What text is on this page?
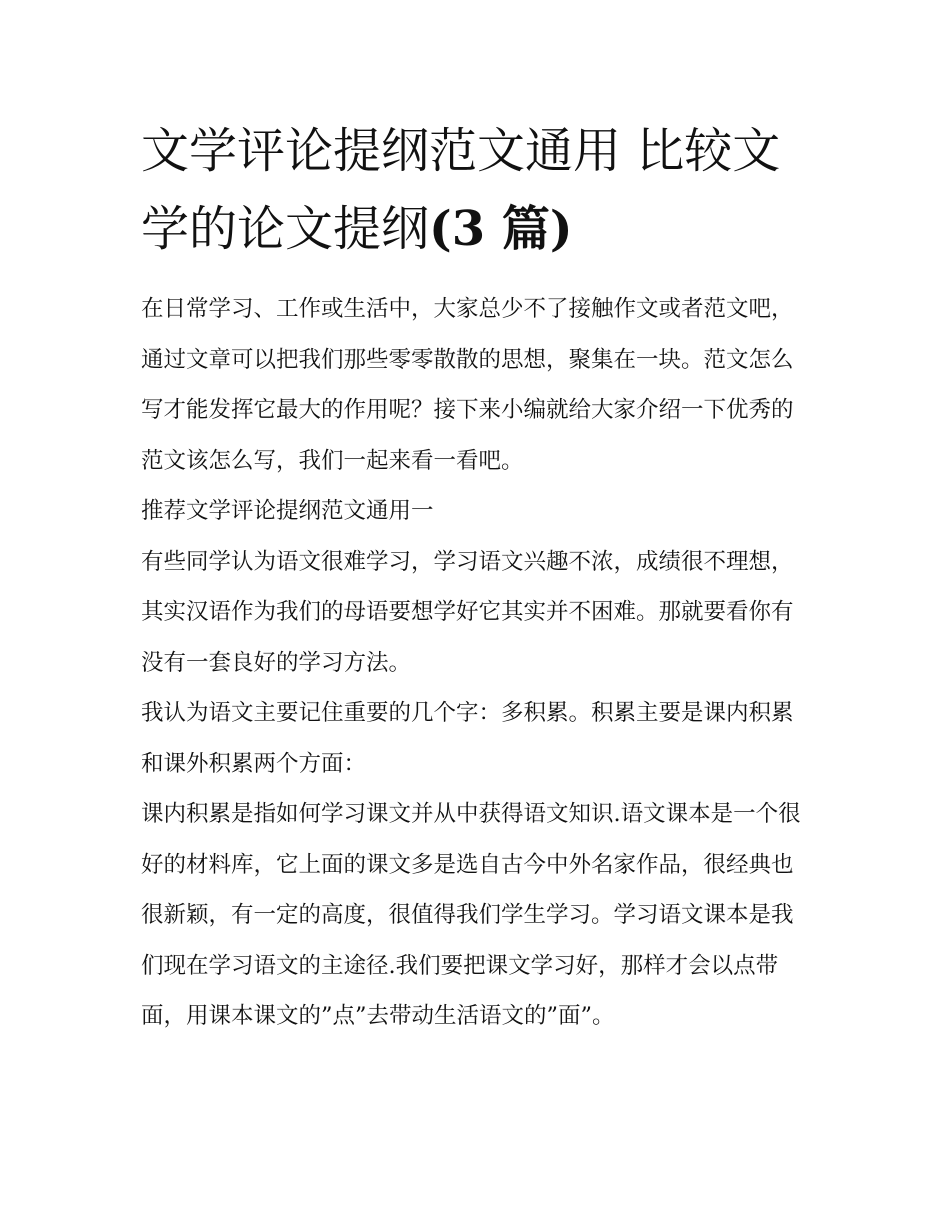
文学评论提纲范文通用 比较文学的论文提纲(3 篇)

在日常学习、工作或生活中，大家总少不了接触作文或者范文吧，通过文章可以把我们那些零零散散的思想，聚集在一块。范文怎么写才能发挥它最大的作用呢？接下来小编就给大家介绍一下优秀的范文该怎么写，我们一起来看一看吧。

推荐文学评论提纲范文通用一

有些同学认为语文很难学习，学习语文兴趣不浓，成绩很不理想，其实汉语作为我们的母语要想学好它其实并不困难。那就要看你有没有一套良好的学习方法。

我认为语文主要记住重要的几个字：多积累。积累主要是课内积累和课外积累两个方面：

课内积累是指如何学习课文并从中获得语文知识.语文课本是一个很好的材料库，它上面的课文多是选自古今中外名家作品，很经典也很新颖，有一定的高度，很值得我们学生学习。学习语文课本是我们现在学习语文的主途径.我们要把课文学习好，那样才会以点带面，用课本课文的”点”去带动生活语文的”面”。
